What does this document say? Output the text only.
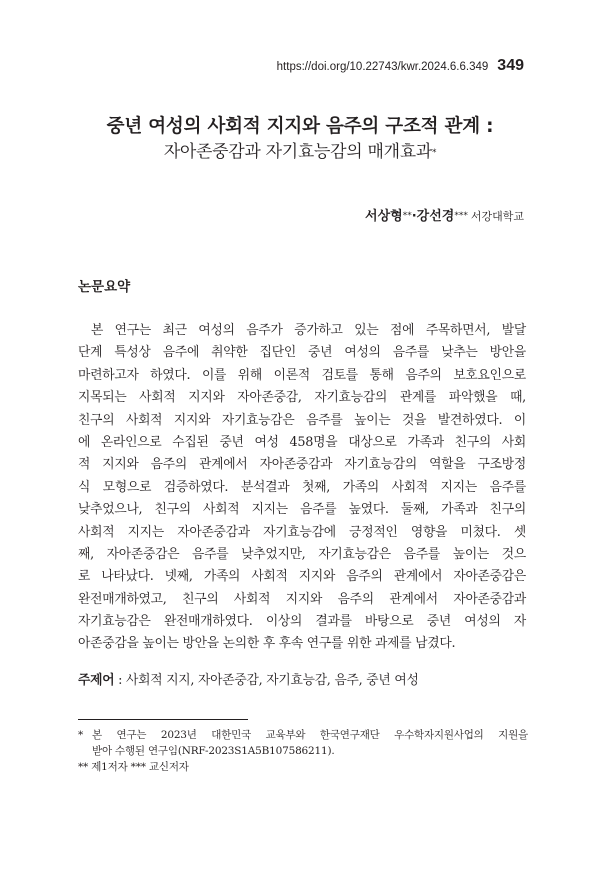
https://doi.org/10.22743/kwr.2024.6.6.349 349
중년 여성의 사회적 지지와 음주의 구조적 관계 :
자아존중감과 자기효능감의 매개효과*
서상형**·강선경*** 서강대학교
논문요약
본 연구는 최근 여성의 음주가 증가하고 있는 점에 주목하면서, 발달
단계 특성상 음주에 취약한 집단인 중년 여성의 음주를 낮추는 방안을
마련하고자 하였다. 이를 위해 이론적 검토를 통해 음주의 보호요인으로
지목되는 사회적 지지와 자아존중감, 자기효능감의 관계를 파악했을 때,
친구의 사회적 지지와 자기효능감은 음주를 높이는 것을 발견하였다. 이
에 온라인으로 수집된 중년 여성 458명을 대상으로 가족과 친구의 사회
적 지지와 음주의 관계에서 자아존중감과 자기효능감의 역할을 구조방정
식 모형으로 검증하였다. 분석결과 첫째, 가족의 사회적 지지는 음주를
낮추었으나, 친구의 사회적 지지는 음주를 높였다. 둘째, 가족과 친구의
사회적 지지는 자아존중감과 자기효능감에 긍정적인 영향을 미쳤다. 셋
째, 자아존중감은 음주를 낮추었지만, 자기효능감은 음주를 높이는 것으
로 나타났다. 넷째, 가족의 사회적 지지와 음주의 관계에서 자아존중감은
완전매개하였고, 친구의 사회적 지지와 음주의 관계에서 자아존중감과
자기효능감은 완전매개하였다. 이상의 결과를 바탕으로 중년 여성의 자
아존중감을 높이는 방안을 논의한 후 후속 연구를 위한 과제를 남겼다.
주제어 : 사회적 지지, 자아존중감, 자기효능감, 음주, 중년 여성
* 본 연구는 2023년 대한민국 교육부와 한국연구재단 우수학자지원사업의 지원을
받아 수행된 연구임(NRF-2023S1A5B107586211).
** 제1저자 *** 교신저자
